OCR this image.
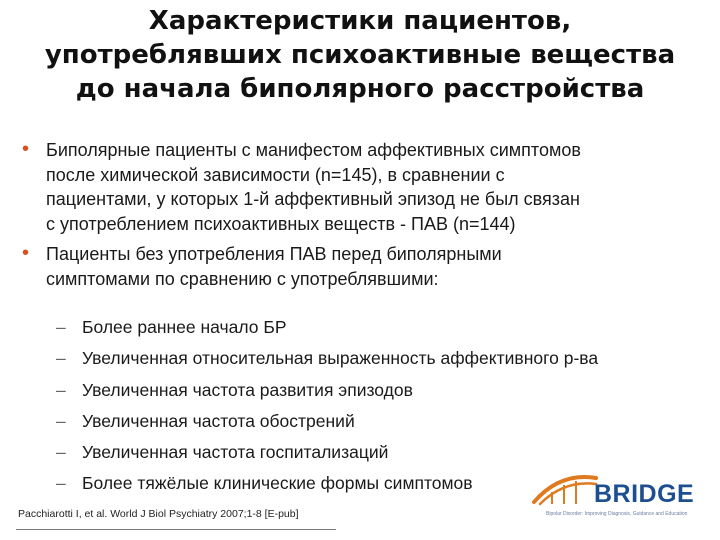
Характеристики пациентов,
употреблявших психоактивные вещества
до начала биполярного расстройства
• Биполярные пациенты с манифестом аффективных симптомов
после химической зависимости (n=145), в сравнении с
пациентами, у которых 1-й аффективный эпизод не был связан
с употреблением психоактивных веществ - ПАВ (n=144)
• Пациенты без употребления ПАВ перед биполярными
симптомами по сравнению с употреблявшими:
– Более раннее начало БР
– Увеличенная относительная выраженность аффективного р-ва
– Увеличенная частота развития эпизодов
– Увеличенная частота обострений
– Увеличенная частота госпитализаций
– Более тяжёлые клинические формы симптомов
Pacchiarotti I, et al. World J Biol Psychiatry 2007;1-8 [E-pub]
BRIDGE
Bipolar Disorder: Improving Diagnosis, Guidance and Education
